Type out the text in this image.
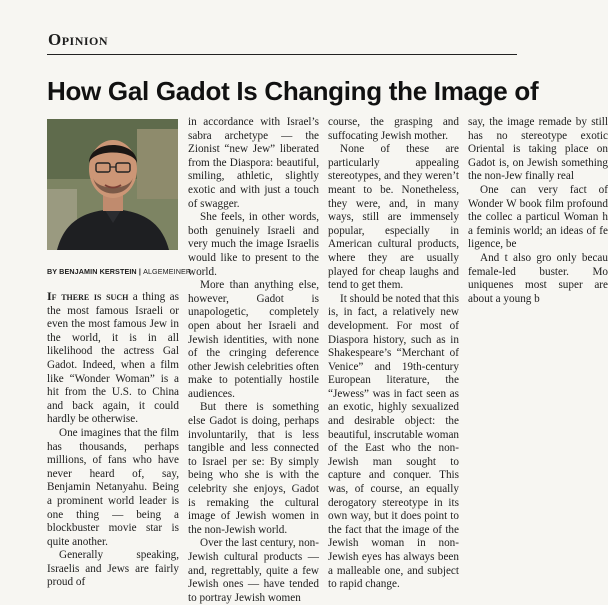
Opinion
How Gal Gadot Is Changing the Image of
BY BENJAMIN KERSTEIN | ALGEMEINER

If there is such a thing as the most famous Israeli or even the most famous Jew in the world, it is in all likelihood the actress Gal Gadot. Indeed, when a film like “Wonder Woman” is a hit from the U.S. to China and back again, it could hardly be otherwise.

One imagines that the film has thousands, perhaps millions, of fans who have never heard of, say, Benjamin Netanyahu. Being a prominent world leader is one thing — being a blockbuster movie star is quite another.

Generally speaking, Israelis and Jews are fairly proud of

in accordance with Israel’s sabra archetype — the Zionist “new Jew” liberated from the Diaspora: beautiful, smiling, athletic, slightly exotic and with just a touch of swagger.

She feels, in other words, both genuinely Israeli and very much the image Israelis would like to present to the world.

More than anything else, however, Gadot is unapologetic, completely open about her Israeli and Jewish identities, with none of the cringing deference other Jewish celebrities often make to potentially hostile audiences.

But there is something else Gadot is doing, perhaps involuntarily, that is less tangible and less connected to Israel per se: By simply being who she is with the celebrity she enjoys, Gadot is remaking the cultural image of Jewish women in the non-Jewish world.

Over the last century, non-Jewish cultural products — and, regrettably, quite a few Jewish ones — have tended to portray Jewish women

course, the grasping and suffocating Jewish mother.

None of these are particularly appealing stereotypes, and they weren’t meant to be. Nonetheless, they were, and, in many ways, still are immensely popular, especially in American cultural products, where they are usually played for cheap laughs and tend to get them.

It should be noted that this is, in fact, a relatively new development. For most of Diaspora history, such as in Shakespeare’s “Merchant of Venice” and 19th-century European literature, the “Jewess” was in fact seen as an exotic, highly sexualized and desirable object: the beautiful, inscrutable woman of the East who the non-Jewish man sought to capture and conquer. This was, of course, an equally derogatory stereotype in its own way, but it does point to the fact that the image of the Jewish woman in non-Jewish eyes has always been a malleable one, and subject to rapid change.

say, the image remade by still has no stereotype exotic Oriental is taking place on Gadot is, on Jewish something the non-Jew finally real

One can very fact of Wonder W book film profound the collec a particul Woman h a feminis world; an ideas of fe ligence, be

And t also gro only becau female-led buster. Mo uniquenes most super are about a young b
